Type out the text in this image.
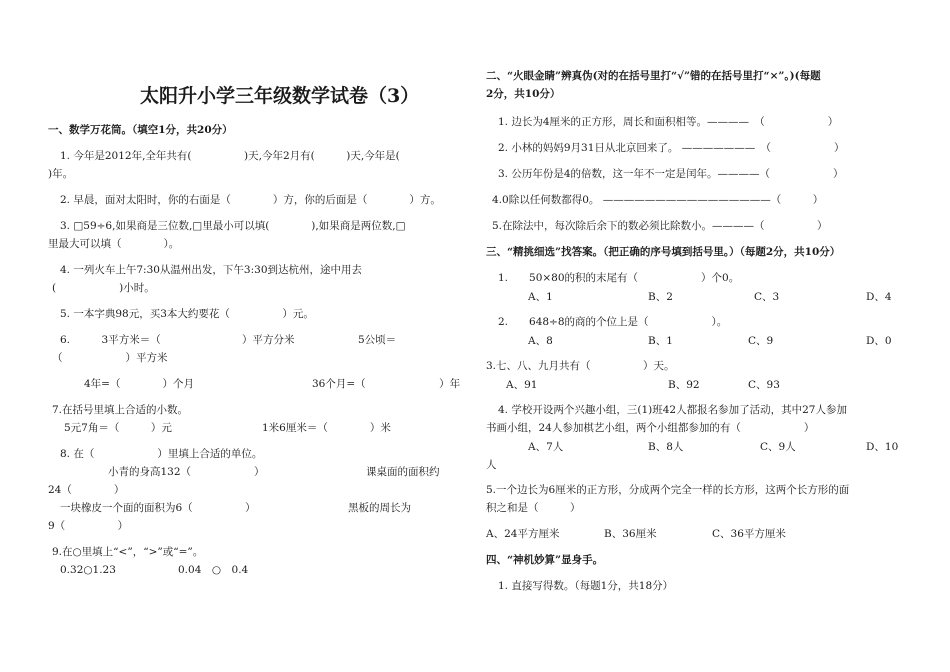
太阳升小学三年级数学试卷（3）
一、数学万花筒。（填空1分，共20分）
1. 今年是2012年,全年共有(　　　　　)天,今年2月有(　　　)天,今年是(
)年。
2. 早晨，面对太阳时，你的右面是（　　　　）方，你的后面是（　　　　）方。
3. □59÷6,如果商是三位数,□里最小可以填(　　　　),如果商是两位数,□
里最大可以填（　　　　）。
4. 一列火车上午7:30从温州出发，下午3:30到达杭州，途中用去
(　　　　　　)小时。
5. 一本字典98元，买3本大约要花（　　　　　）元。
6.　　　3平方米＝（	）平方分米	5公顷＝
（　　　　　　）平方米
4年=（　　　　）个月	36个月=（　　　　　　　）年
7.在括号里填上合适的小数。
5元7角＝（　　　）元	1米6厘米＝（　　　　）米
8. 在（　　　　　　）里填上合适的单位。
小青的身高132（　　　　　　）	课桌面的面积约
24（　　　　）
一块橡皮一个面的面积为6（　　　　　）	黑板的周长为
9（　　　　　）
9.在○里填上“<”，“>”或“=”。
0.32○1.23	0.04　○　0.4
二、“火眼金睛”辨真伪(对的在括号里打“√”错的在括号里打“×”。)(每题
2分，共10分）
1. 边长为4厘米的正方形，周长和面积相等。————　（　　　　　　）
2. 小林的妈妈9月31日从北京回来了。 ———————　（　　　　　　）
3. 公历年份是4的倍数，这一年不一定是闰年。————（　　　　　　）
4.0除以任何数都得0。 ————————————————（　　　）
5.在除法中，每次除后余下的数必须比除数小。————（　　　　　）
三、“精挑细选”找答案。（把正确的序号填到括号里。）（每题2分，共10分）
1.　　50×80的积的末尾有（　　　　　　）个0。
A、1	B、2	C、3	D、4
2.　　648÷8的商的个位上是（　　　　　　）。
A、8	B、1	C、9	D、0
3.七、八、九月共有（　　　　　）天。
A、91	B、92	C、93
4. 学校开设两个兴趣小组，三(1)班42人都报名参加了活动，其中27人参加
书画小组，24人参加棋艺小组，两个小组都参加的有（　　　　　　）
A、7人	B、8人	C、9人	D、10
人
5.一个边长为6厘米的正方形，分成两个完全一样的长方形，这两个长方形的面
积之和是（　　　）
A、24平方厘米	B、36厘米	C、36平方厘米
四、“神机妙算”显身手。
1. 直接写得数。（每题1分，共18分）
